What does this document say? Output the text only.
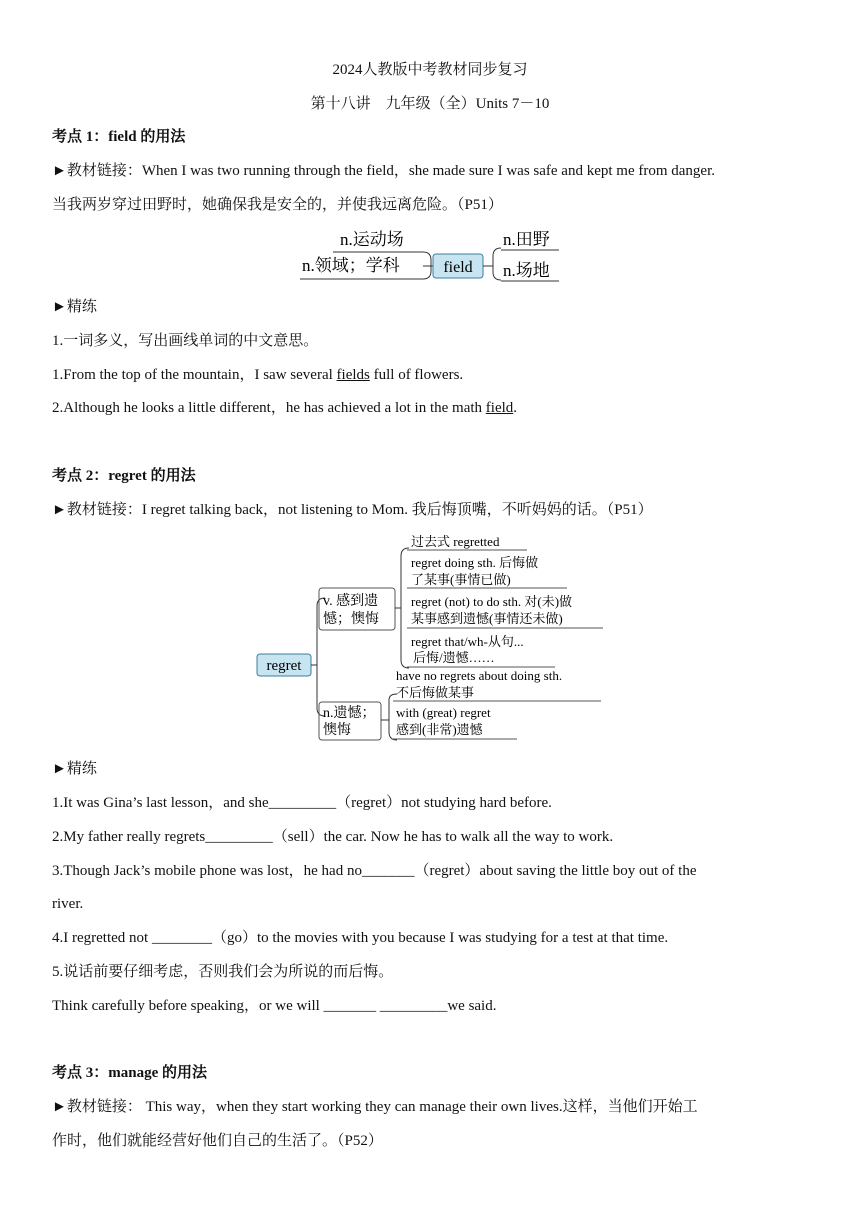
2024人教版中考教材同步复习
第十八讲　九年级（全）Units 7－10
考点 1：field 的用法
►教材链接：When I was two running through the field，she made sure I was safe and kept me from danger.
当我两岁穿过田野时，她确保我是安全的，并使我远离危险。（P51）
n.运动场
n.领域；学科	field
n.田野
n.场地
►精练
1.一词多义，写出画线单词的中文意思。
1.From the top of the mountain，I saw several fields full of flowers.
2.Although he looks a little different，he has achieved a lot in the math field.
考点 2：regret 的用法
►教材链接：I regret talking back，not listening to Mom. 我后悔顶嘴，不听妈妈的话。（P51）
regret
v. 感到遗
憾；懊悔
n.遗憾；
懊悔
过去式 regretted
regret doing sth. 后悔做
了某事(事情已做)
regret (not) to do sth. 对(未)做
某事感到遗憾(事情还未做)
regret that/wh-从句...
后悔/遗憾……
have no regrets about doing sth.
不后悔做某事
with (great) regret
感到(非常)遗憾
►精练
1.It was Gina’s last lesson，and she_________（regret）not studying hard before.
2.My father really regrets_________（sell）the car. Now he has to walk all the way to work.
3.Though Jack’s mobile phone was lost，he had no_______（regret）about saving the little boy out of the
river.
4.I regretted not ________（go）to the movies with you because I was studying for a test at that time.
5.说话前要仔细考虑，否则我们会为所说的而后悔。
Think carefully before speaking，or we will _______ _________we said.
考点 3：manage 的用法
►教材链接： This way，when they start working they can manage their own lives.这样，当他们开始工
作时，他们就能经营好他们自己的生活了。（P52）
